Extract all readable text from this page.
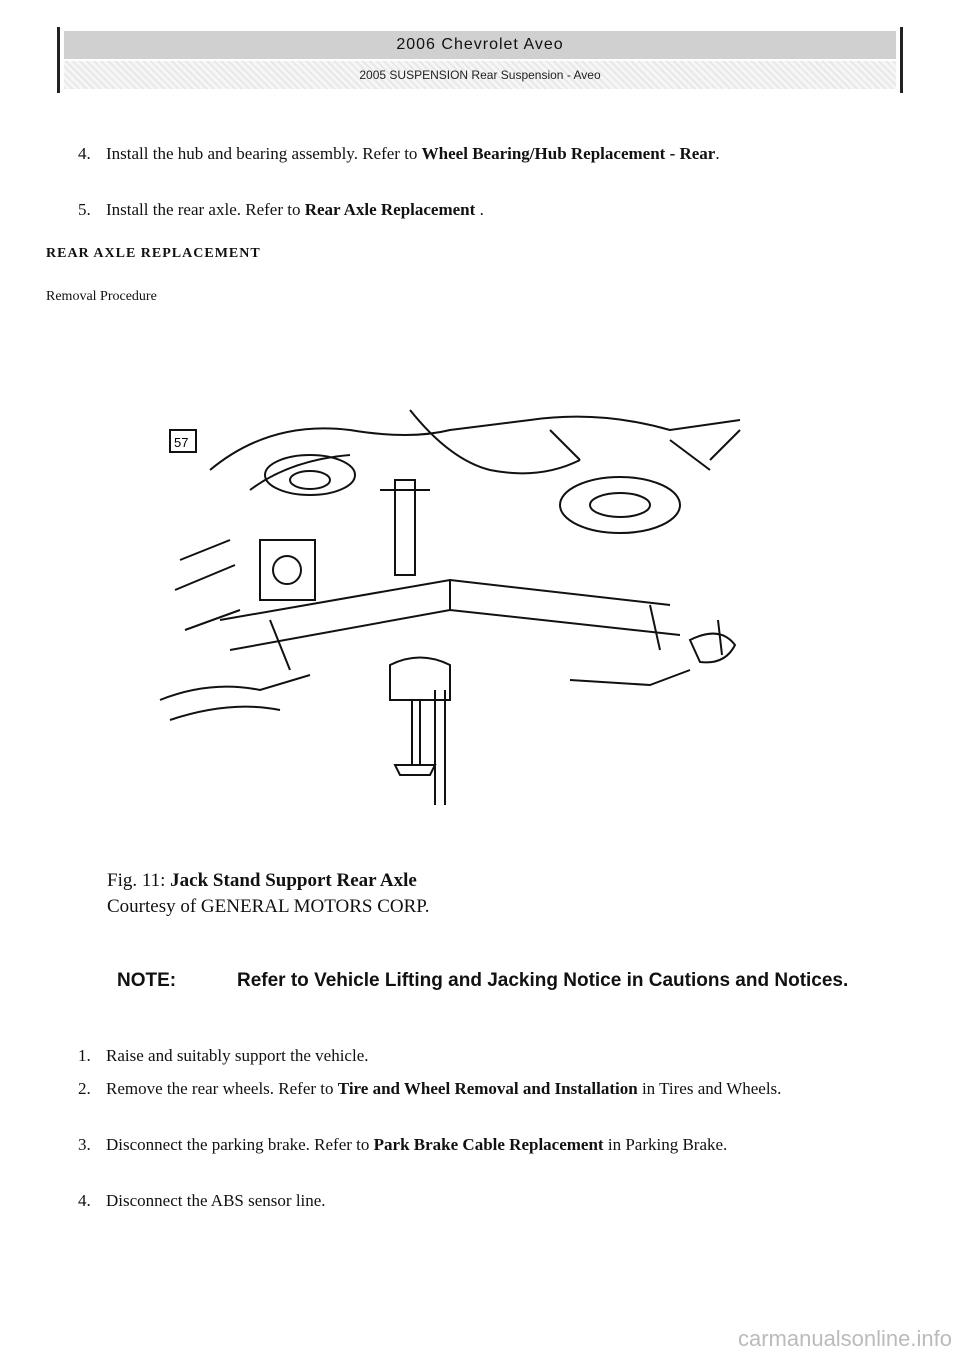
2006 Chevrolet Aveo
2005 SUSPENSION Rear Suspension - Aveo
4. Install the hub and bearing assembly. Refer to Wheel Bearing/Hub Replacement - Rear.
5. Install the rear axle. Refer to Rear Axle Replacement .
REAR AXLE REPLACEMENT
Removal Procedure
57
Fig. 11: Jack Stand Support Rear Axle
Courtesy of GENERAL MOTORS CORP.
NOTE:	Refer to Vehicle Lifting and Jacking Notice in Cautions and Notices.
1. Raise and suitably support the vehicle.
2. Remove the rear wheels. Refer to Tire and Wheel Removal and Installation in Tires and Wheels.
3. Disconnect the parking brake. Refer to Park Brake Cable Replacement in Parking Brake.
4. Disconnect the ABS sensor line.
carmanualsonline.info
